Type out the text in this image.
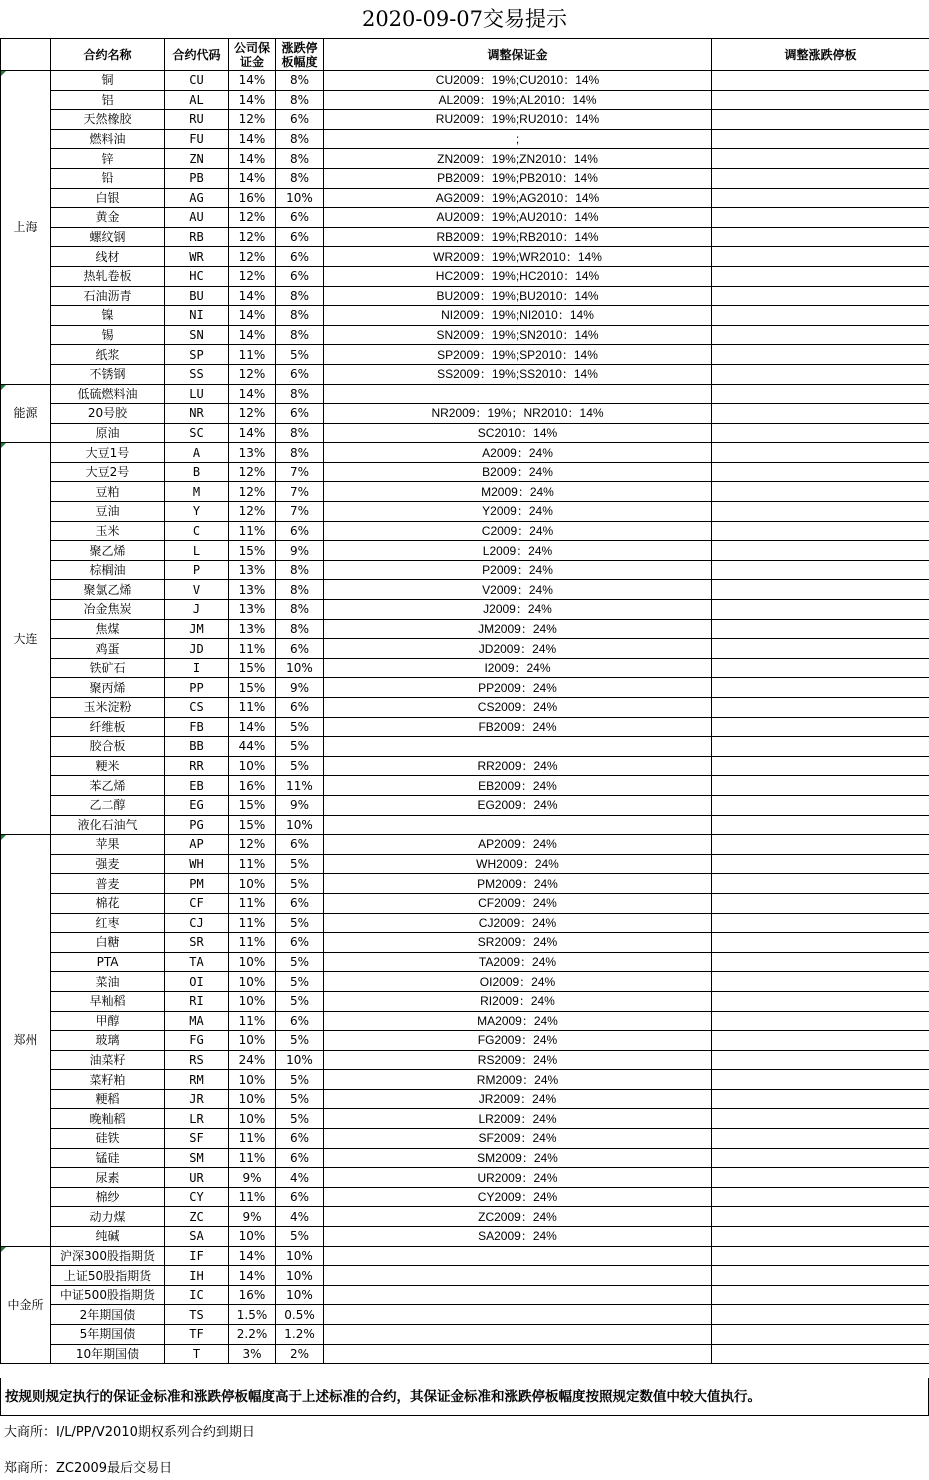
2020-09-07交易提示
	合约名称	合约代码	公司保证金	涨跌停板幅度	调整保证金	调整涨跌停板

上海	铜	CU	14%	8%	CU2009：19%;CU2010：14%	
	铝	AL	14%	8%	AL2009：19%;AL2010：14%	
	天然橡胶	RU	12%	6%	RU2009：19%;RU2010：14%	
	燃料油	FU	14%	8%	;	
	锌	ZN	14%	8%	ZN2009：19%;ZN2010：14%	
	铅	PB	14%	8%	PB2009：19%;PB2010：14%	
	白银	AG	16%	10%	AG2009：19%;AG2010：14%	
	黄金	AU	12%	6%	AU2009：19%;AU2010：14%	
	螺纹钢	RB	12%	6%	RB2009：19%;RB2010：14%	
	线材	WR	12%	6%	WR2009：19%;WR2010：14%	
	热轧卷板	HC	12%	6%	HC2009：19%;HC2010：14%	
	石油沥青	BU	14%	8%	BU2009：19%;BU2010：14%	
	镍	NI	14%	8%	NI2009：19%;NI2010：14%	
	锡	SN	14%	8%	SN2009：19%;SN2010：14%	
	纸浆	SP	11%	5%	SP2009：19%;SP2010：14%	
	不锈钢	SS	12%	6%	SS2009：19%;SS2010：14%	

能源	低硫燃料油	LU	14%	8%		
	20号胶	NR	12%	6%	NR2009：19%；NR2010：14%	
	原油	SC	14%	8%	SC2010：14%	

大连	大豆1号	A	13%	8%	A2009：24%	
	大豆2号	B	12%	7%	B2009：24%	
	豆粕	M	12%	7%	M2009：24%	
	豆油	Y	12%	7%	Y2009：24%	
	玉米	C	11%	6%	C2009：24%	
	聚乙烯	L	15%	9%	L2009：24%	
	棕榈油	P	13%	8%	P2009：24%	
	聚氯乙烯	V	13%	8%	V2009：24%	
	冶金焦炭	J	13%	8%	J2009：24%	
	焦煤	JM	13%	8%	JM2009：24%	
	鸡蛋	JD	11%	6%	JD2009：24%	
	铁矿石	I	15%	10%	I2009：24%	
	聚丙烯	PP	15%	9%	PP2009：24%	
	玉米淀粉	CS	11%	6%	CS2009：24%	
	纤维板	FB	14%	5%	FB2009：24%	
	胶合板	BB	44%	5%		
	粳米	RR	10%	5%	RR2009：24%	
	苯乙烯	EB	16%	11%	EB2009：24%	
	乙二醇	EG	15%	9%	EG2009：24%	
	液化石油气	PG	15%	10%		

郑州	苹果	AP	12%	6%	AP2009：24%	
	强麦	WH	11%	5%	WH2009：24%	
	普麦	PM	10%	5%	PM2009：24%	
	棉花	CF	11%	6%	CF2009：24%	
	红枣	CJ	11%	5%	CJ2009：24%	
	白糖	SR	11%	6%	SR2009：24%	
	PTA	TA	10%	5%	TA2009：24%	
	菜油	OI	10%	5%	OI2009：24%	
	早籼稻	RI	10%	5%	RI2009：24%	
	甲醇	MA	11%	6%	MA2009：24%	
	玻璃	FG	10%	5%	FG2009：24%	
	油菜籽	RS	24%	10%	RS2009：24%	
	菜籽粕	RM	10%	5%	RM2009：24%	
	粳稻	JR	10%	5%	JR2009：24%	
	晚籼稻	LR	10%	5%	LR2009：24%	
	硅铁	SF	11%	6%	SF2009：24%	
	锰硅	SM	11%	6%	SM2009：24%	
	尿素	UR	9%	4%	UR2009：24%	
	棉纱	CY	11%	6%	CY2009：24%	
	动力煤	ZC	9%	4%	ZC2009：24%	
	纯碱	SA	10%	5%	SA2009：24%	

中金所	沪深300股指期货	IF	14%	10%		
	上证50股指期货	IH	14%	10%		
	中证500股指期货	IC	16%	10%		
	2年期国债	TS	1.5%	0.5%		
	5年期国债	TF	2.2%	1.2%		
	10年期国债	T	3%	2%		
按规则规定执行的保证金标准和涨跌停板幅度高于上述标准的合约，其保证金标准和涨跌停板幅度按照规定数值中较大值执行。
大商所：I/L/PP/V2010期权系列合约到期日
郑商所：ZC2009最后交易日
